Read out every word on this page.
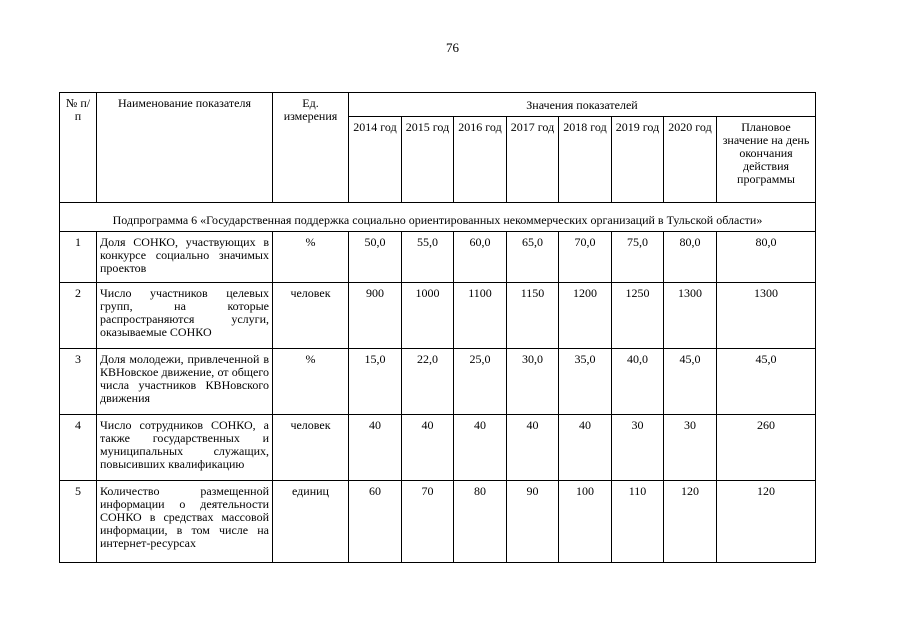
76
№ п/п	Наименование показателя	Ед. измерения	Значения показателей							
			2014 год	2015 год	2016 год	2017 год	2018 год	2019 год	2020 год	Плановое значение на день окончания действия программы
Подпрограмма 6 «Государственная поддержка социально ориентированных некоммерческих организаций в Тульской области»										
1	Доля СОНКО, участвующих в конкурсе социально значимых проектов	%	50,0	55,0	60,0	65,0	70,0	75,0	80,0	80,0
2	Число участников целевых групп, на которые распространяются услуги, оказываемые СОНКО	человек	900	1000	1100	1150	1200	1250	1300	1300
3	Доля молодежи, привлеченной в КВНовское движение, от общего числа участников КВНовского движения	%	15,0	22,0	25,0	30,0	35,0	40,0	45,0	45,0
4	Число сотрудников СОНКО, а также государственных и муниципальных служащих, повысивших квалификацию	человек	40	40	40	40	40	30	30	260
5	Количество размещенной информации о деятельности СОНКО в средствах массовой информации, в том числе на интернет-ресурсах	единиц	60	70	80	90	100	110	120	120
